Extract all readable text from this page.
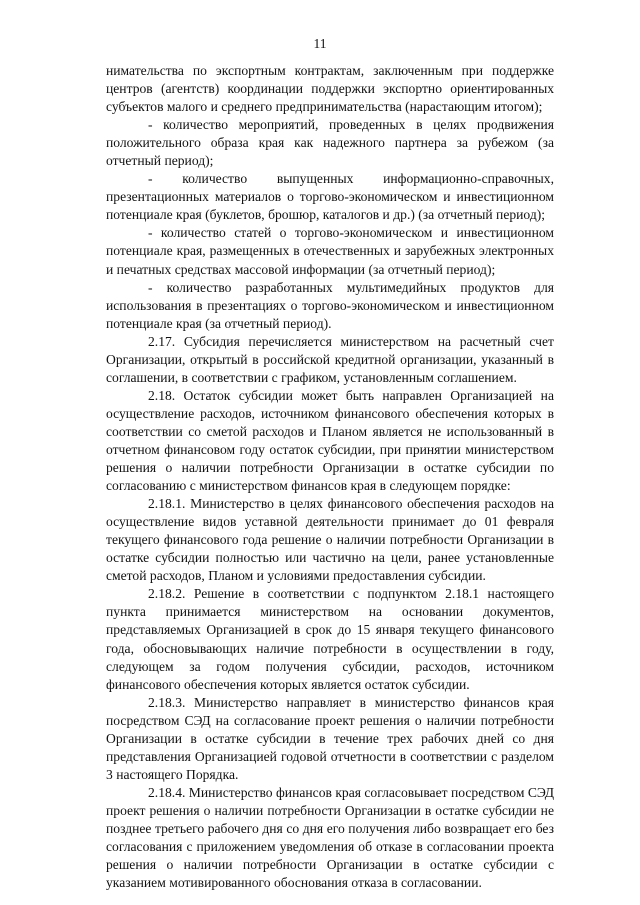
11

нимательства по экспортным контрактам, заключенным при поддержке центров (агентств) координации поддержки экспортно ориентированных субъектов малого и среднего предпринимательства (нарастающим итогом);

- количество мероприятий, проведенных в целях продвижения положительного образа края как надежного партнера за рубежом (за отчетный период);

- количество выпущенных информационно-справочных, презентационных материалов о торгово-экономическом и инвестиционном потенциале края (буклетов, брошюр, каталогов и др.) (за отчетный период);

- количество статей о торгово-экономическом и инвестиционном потенциале края, размещенных в отечественных и зарубежных электронных и печатных средствах массовой информации (за отчетный период);

- количество разработанных мультимедийных продуктов для использования в презентациях о торгово-экономическом и инвестиционном потенциале края (за отчетный период).

2.17. Субсидия перечисляется министерством на расчетный счет Организации, открытый в российской кредитной организации, указанный в соглашении, в соответствии с графиком, установленным соглашением.

2.18. Остаток субсидии может быть направлен Организацией на осуществление расходов, источником финансового обеспечения которых в соответствии со сметой расходов и Планом является не использованный в отчетном финансовом году остаток субсидии, при принятии министерством решения о наличии потребности Организации в остатке субсидии по согласованию с министерством финансов края в следующем порядке:

2.18.1. Министерство в целях финансового обеспечения расходов на осуществление видов уставной деятельности принимает до 01 февраля текущего финансового года решение о наличии потребности Организации в остатке субсидии полностью или частично на цели, ранее установленные сметой расходов, Планом и условиями предоставления субсидии.

2.18.2. Решение в соответствии с подпунктом 2.18.1 настоящего пункта принимается министерством на основании документов, представляемых Организацией в срок до 15 января текущего финансового года, обосновывающих наличие потребности в осуществлении в году, следующем за годом получения субсидии, расходов, источником финансового обеспечения которых является остаток субсидии.

2.18.3. Министерство направляет в министерство финансов края посредством СЭД на согласование проект решения о наличии потребности Организации в остатке субсидии в течение трех рабочих дней со дня представления Организацией годовой отчетности в соответствии с разделом 3 настоящего Порядка.

2.18.4. Министерство финансов края согласовывает посредством СЭД проект решения о наличии потребности Организации в остатке субсидии не позднее третьего рабочего дня со дня его получения либо возвращает его без согласования с приложением уведомления об отказе в согласовании проекта решения о наличии потребности Организации в остатке субсидии с указанием мотивированного обоснования отказа в согласовании.
